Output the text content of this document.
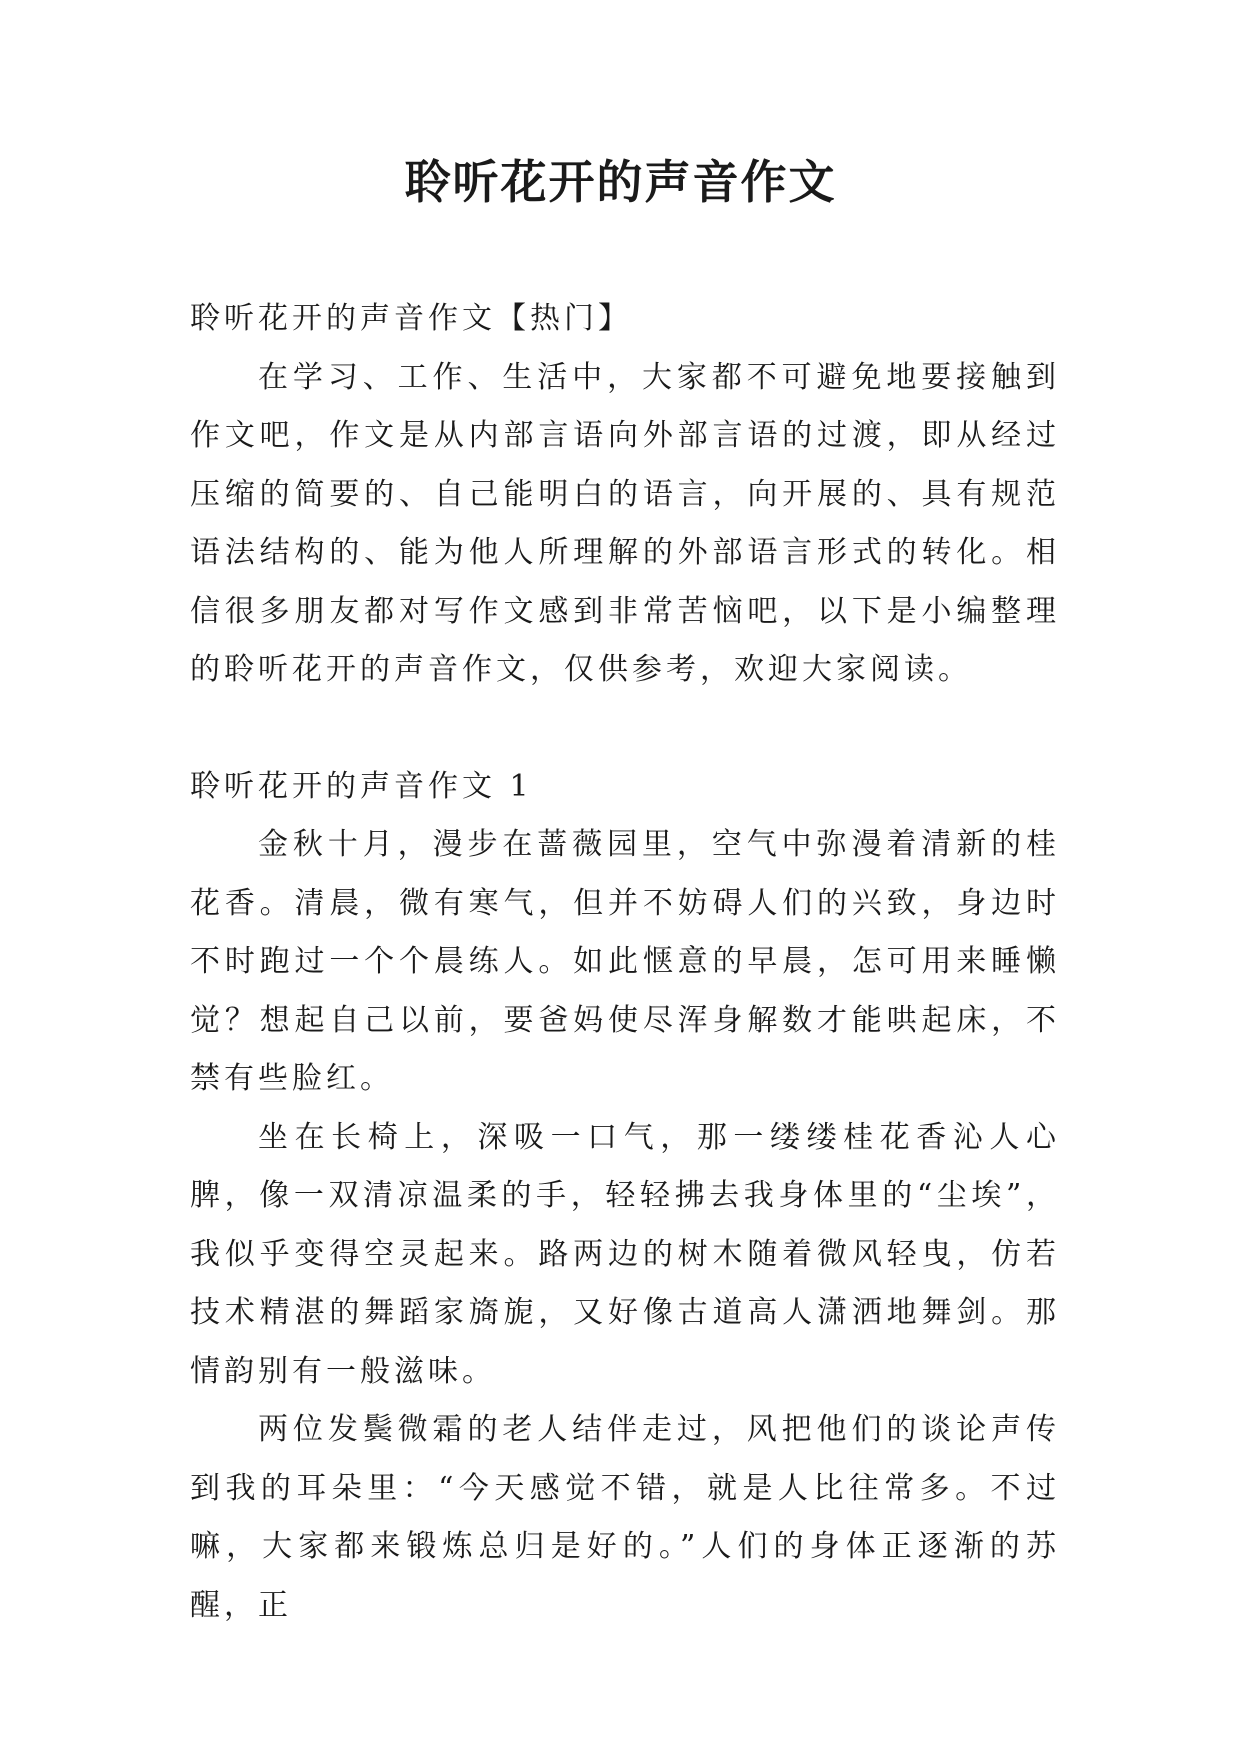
聆听花开的声音作文

聆听花开的声音作文【热门】

在学习、工作、生活中，大家都不可避免地要接触到作文吧，作文是从内部言语向外部言语的过渡，即从经过压缩的简要的、自己能明白的语言，向开展的、具有规范语法结构的、能为他人所理解的外部语言形式的转化。相信很多朋友都对写作文感到非常苦恼吧，以下是小编整理的聆听花开的声音作文，仅供参考，欢迎大家阅读。

聆听花开的声音作文 1

金秋十月，漫步在蔷薇园里，空气中弥漫着清新的桂花香。清晨，微有寒气，但并不妨碍人们的兴致，身边时不时跑过一个个晨练人。如此惬意的早晨，怎可用来睡懒觉？想起自己以前，要爸妈使尽浑身解数才能哄起床，不禁有些脸红。

坐在长椅上，深吸一口气，那一缕缕桂花香沁人心脾，像一双清凉温柔的手，轻轻拂去我身体里的“尘埃”，我似乎变得空灵起来。路两边的树木随着微风轻曳，仿若技术精湛的舞蹈家旖旎，又好像古道高人潇洒地舞剑。那情韵别有一般滋味。

两位发鬓微霜的老人结伴走过，风把他们的谈论声传到我的耳朵里：“今天感觉不错，就是人比往常多。不过嘛，大家都来锻炼总归是好的。”人们的身体正逐渐的苏醒，正
